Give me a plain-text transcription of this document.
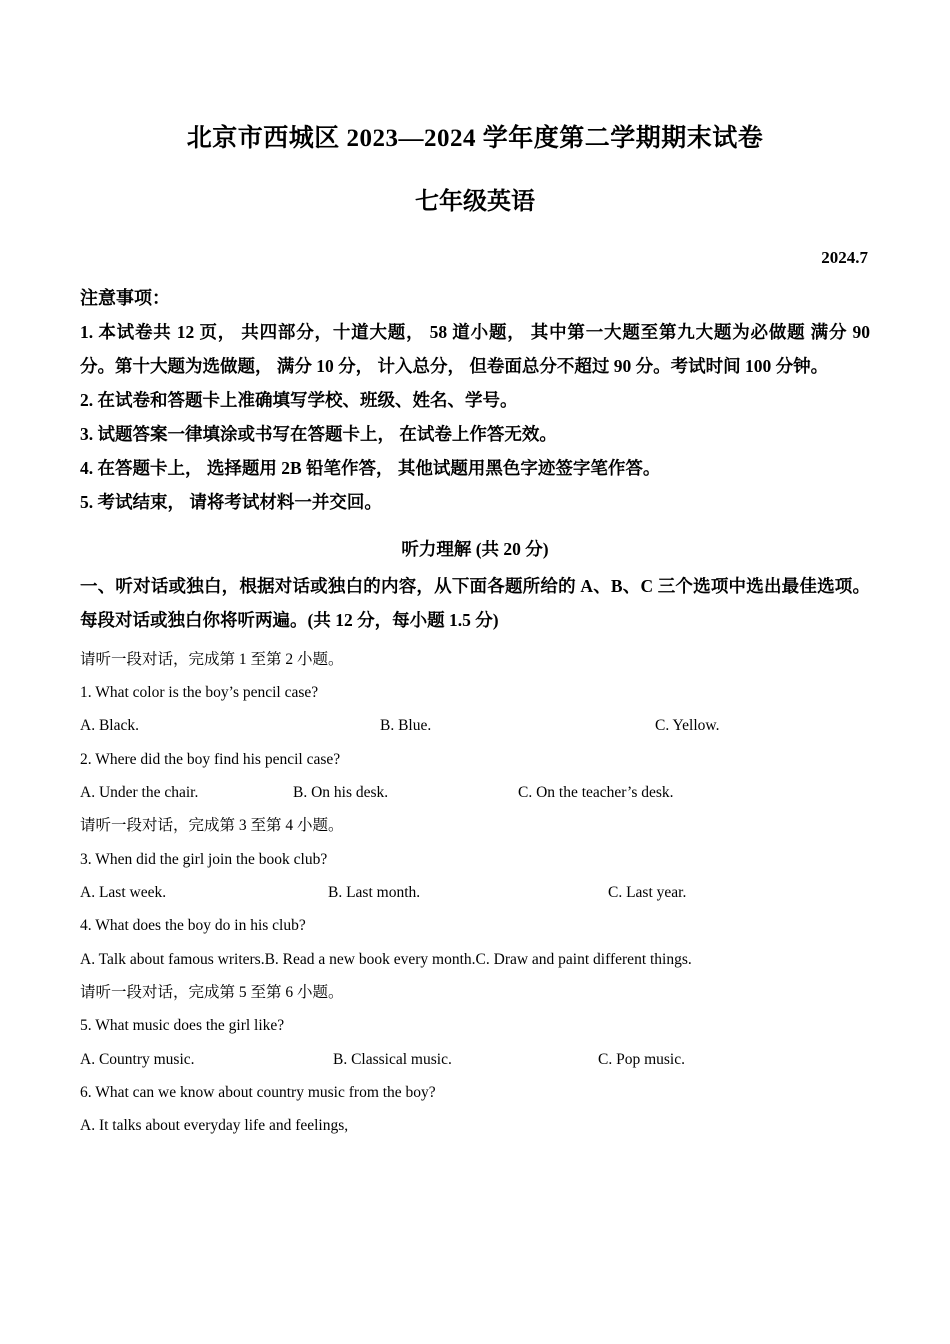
北京市西城区 2023—2024 学年度第二学期期末试卷
七年级英语
2024.7
注意事项：

1. 本试卷共 12 页， 共四部分，十道大题， 58 道小题， 其中第一大题至第九大题为必做题 满分 90 分。第十大题为选做题， 满分 10 分， 计入总分， 但卷面总分不超过 90 分。考试时间 100 分钟。

2. 在试卷和答题卡上准确填写学校、班级、姓名、学号。

3. 试题答案一律填涂或书写在答题卡上， 在试卷上作答无效。

4. 在答题卡上， 选择题用 2B 铅笔作答， 其他试题用黑色字迹签字笔作答。

5. 考试结束， 请将考试材料一并交回。

听力理解 (共 20 分)

一、听对话或独白，根据对话或独白的内容，从下面各题所给的 A、B、C 三个选项中选出最佳选项。每段对话或独白你将听两遍。(共 12 分，每小题 1.5 分)

请听一段对话，完成第 1 至第 2 小题。

1. What color is the boy’s pencil case?

A. Black.	B. Blue.	C. Yellow.

2. Where did the boy find his pencil case?

A. Under the chair.	B. On his desk.	C. On the teacher’s desk.

请听一段对话，完成第 3 至第 4 小题。

3. When did the girl join the book club?

A. Last week.	B. Last month.	C. Last year.

4. What does the boy do in his club?

A. Talk about famous writers.B. Read a new book every month.C. Draw and paint different things.

请听一段对话，完成第 5 至第 6 小题。

5. What music does the girl like?

A. Country music.	B. Classical music.	C. Pop music.

6. What can we know about country music from the boy?

A. It talks about everyday life and feelings,
